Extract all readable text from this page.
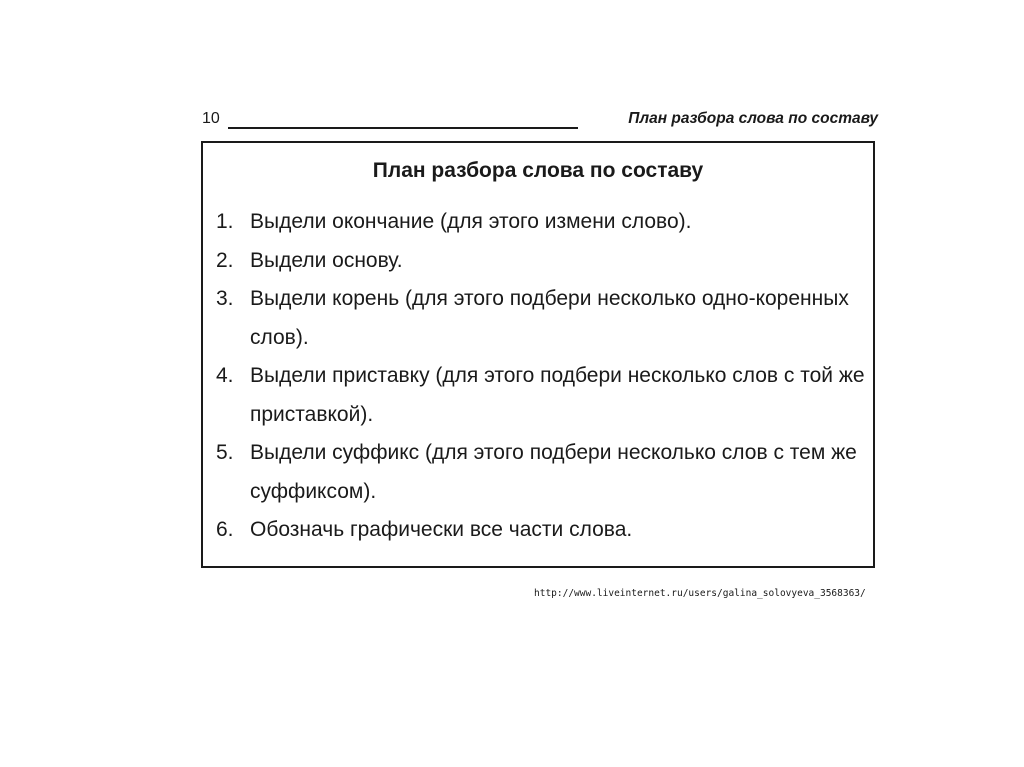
10	План разбора слова по составу
План разбора слова по составу
1. Выдели окончание (для этого измени слово).
2. Выдели основу.
3. Выдели корень (для этого подбери несколько одно-коренных слов).
4. Выдели приставку (для этого подбери несколько слов с той же приставкой).
5. Выдели суффикс (для этого подбери несколько слов с тем же суффиксом).
6. Обозначь графически все части слова.
http://www.liveinternet.ru/users/galina_solovyeva_3568363/
